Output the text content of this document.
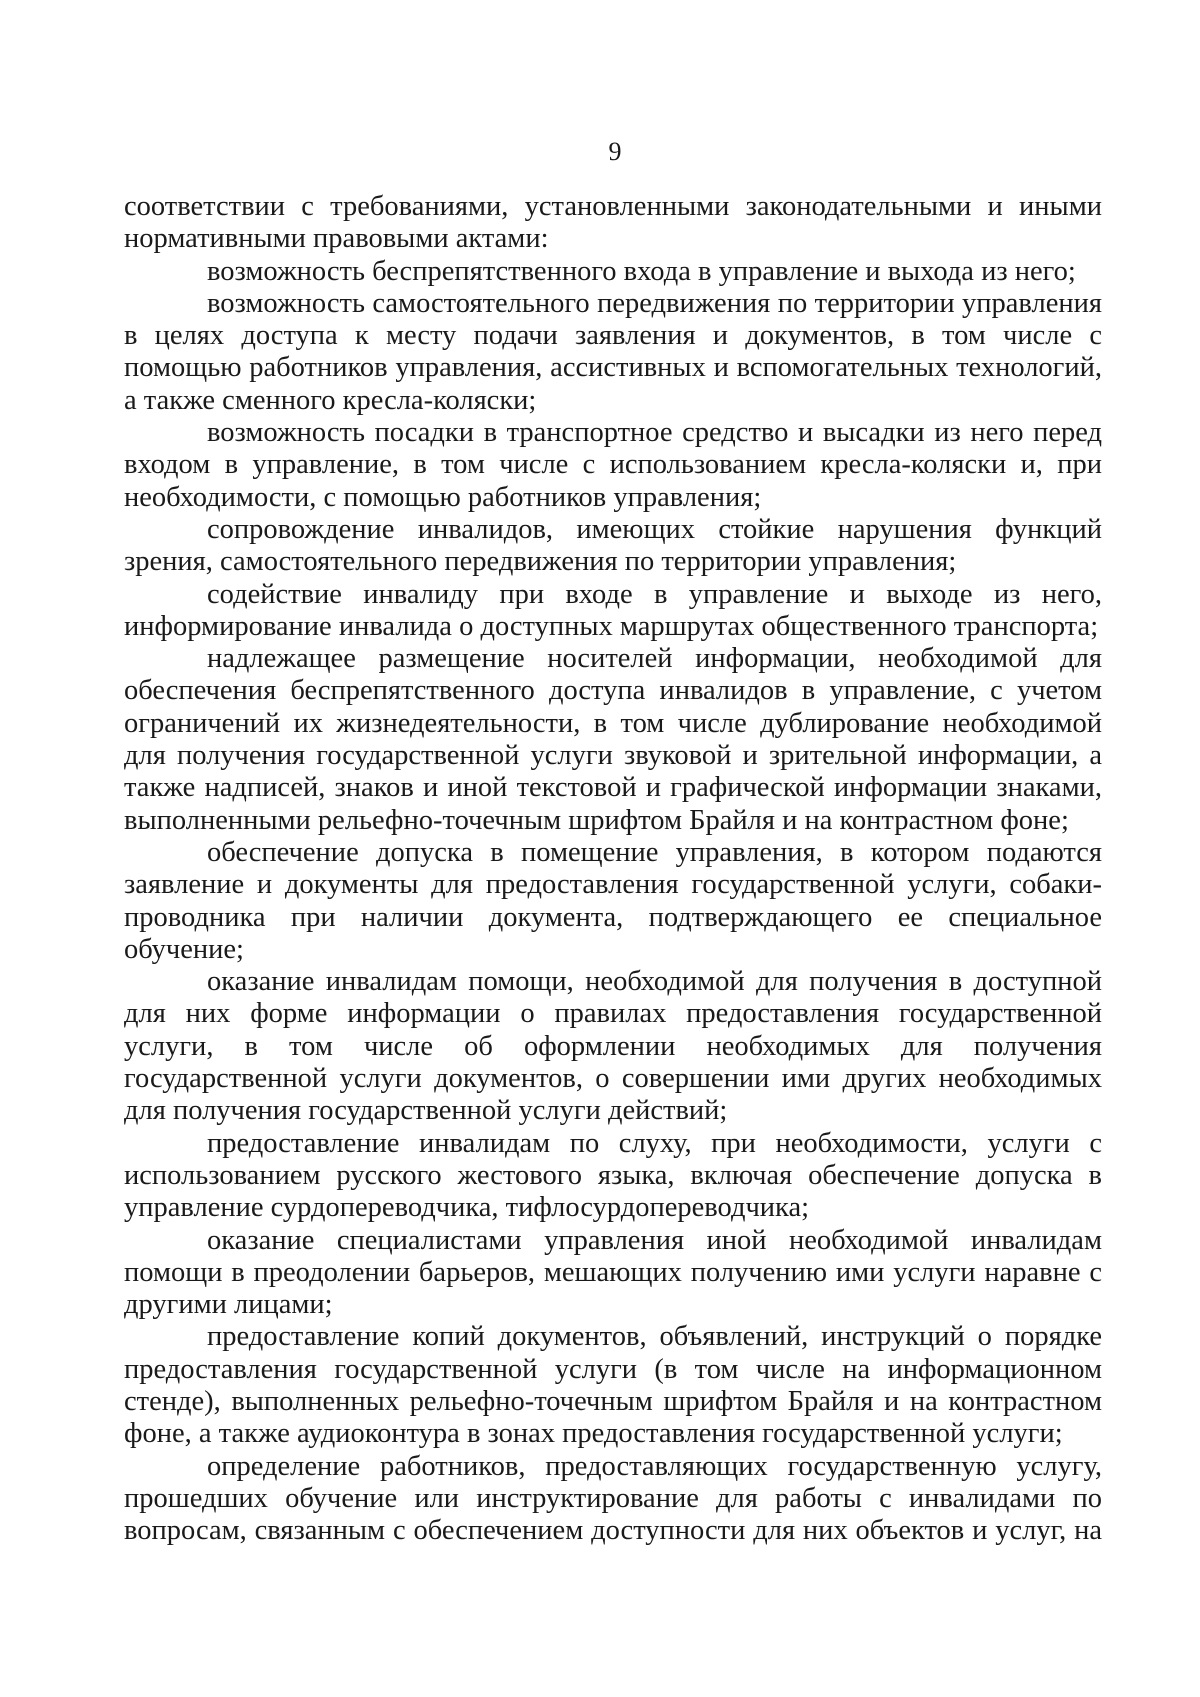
9

соответствии с требованиями, установленными законодательными и иными нормативными правовыми актами:

возможность беспрепятственного входа в управление и выхода из него;

возможность самостоятельного передвижения по территории управления в целях доступа к месту подачи заявления и документов, в том числе с помощью работников управления, ассистивных и вспомогательных технологий, а также сменного кресла-коляски;

возможность посадки в транспортное средство и высадки из него перед входом в управление, в том числе с использованием кресла-коляски и, при необходимости, с помощью работников управления;

сопровождение инвалидов, имеющих стойкие нарушения функций зрения, самостоятельного передвижения по территории управления;

содействие инвалиду при входе в управление и выходе из него, информирование инвалида о доступных маршрутах общественного транспорта;

надлежащее размещение носителей информации, необходимой для обеспечения беспрепятственного доступа инвалидов в управление, с учетом ограничений их жизнедеятельности, в том числе дублирование необходимой для получения государственной услуги звуковой и зрительной информации, а также надписей, знаков и иной текстовой и графической информации знаками, выполненными рельефно-точечным шрифтом Брайля и на контрастном фоне;

обеспечение допуска в помещение управления, в котором подаются заявление и документы для предоставления государственной услуги, собаки-проводника при наличии документа, подтверждающего ее специальное обучение;

оказание инвалидам помощи, необходимой для получения в доступной для них форме информации о правилах предоставления государственной услуги, в том числе об оформлении необходимых для получения государственной услуги документов, о совершении ими других необходимых для получения государственной услуги действий;

предоставление инвалидам по слуху, при необходимости, услуги с использованием русского жестового языка, включая обеспечение допуска в управление сурдопереводчика, тифлосурдопереводчика;

оказание специалистами управления иной необходимой инвалидам помощи в преодолении барьеров, мешающих получению ими услуги наравне с другими лицами;

предоставление копий документов, объявлений, инструкций о порядке предоставления государственной услуги (в том числе на информационном стенде), выполненных рельефно-точечным шрифтом Брайля и на контрастном фоне, а также аудиоконтура в зонах предоставления государственной услуги;

определение работников, предоставляющих государственную услугу, прошедших обучение или инструктирование для работы с инвалидами по вопросам, связанным с обеспечением доступности для них объектов и услуг, на
